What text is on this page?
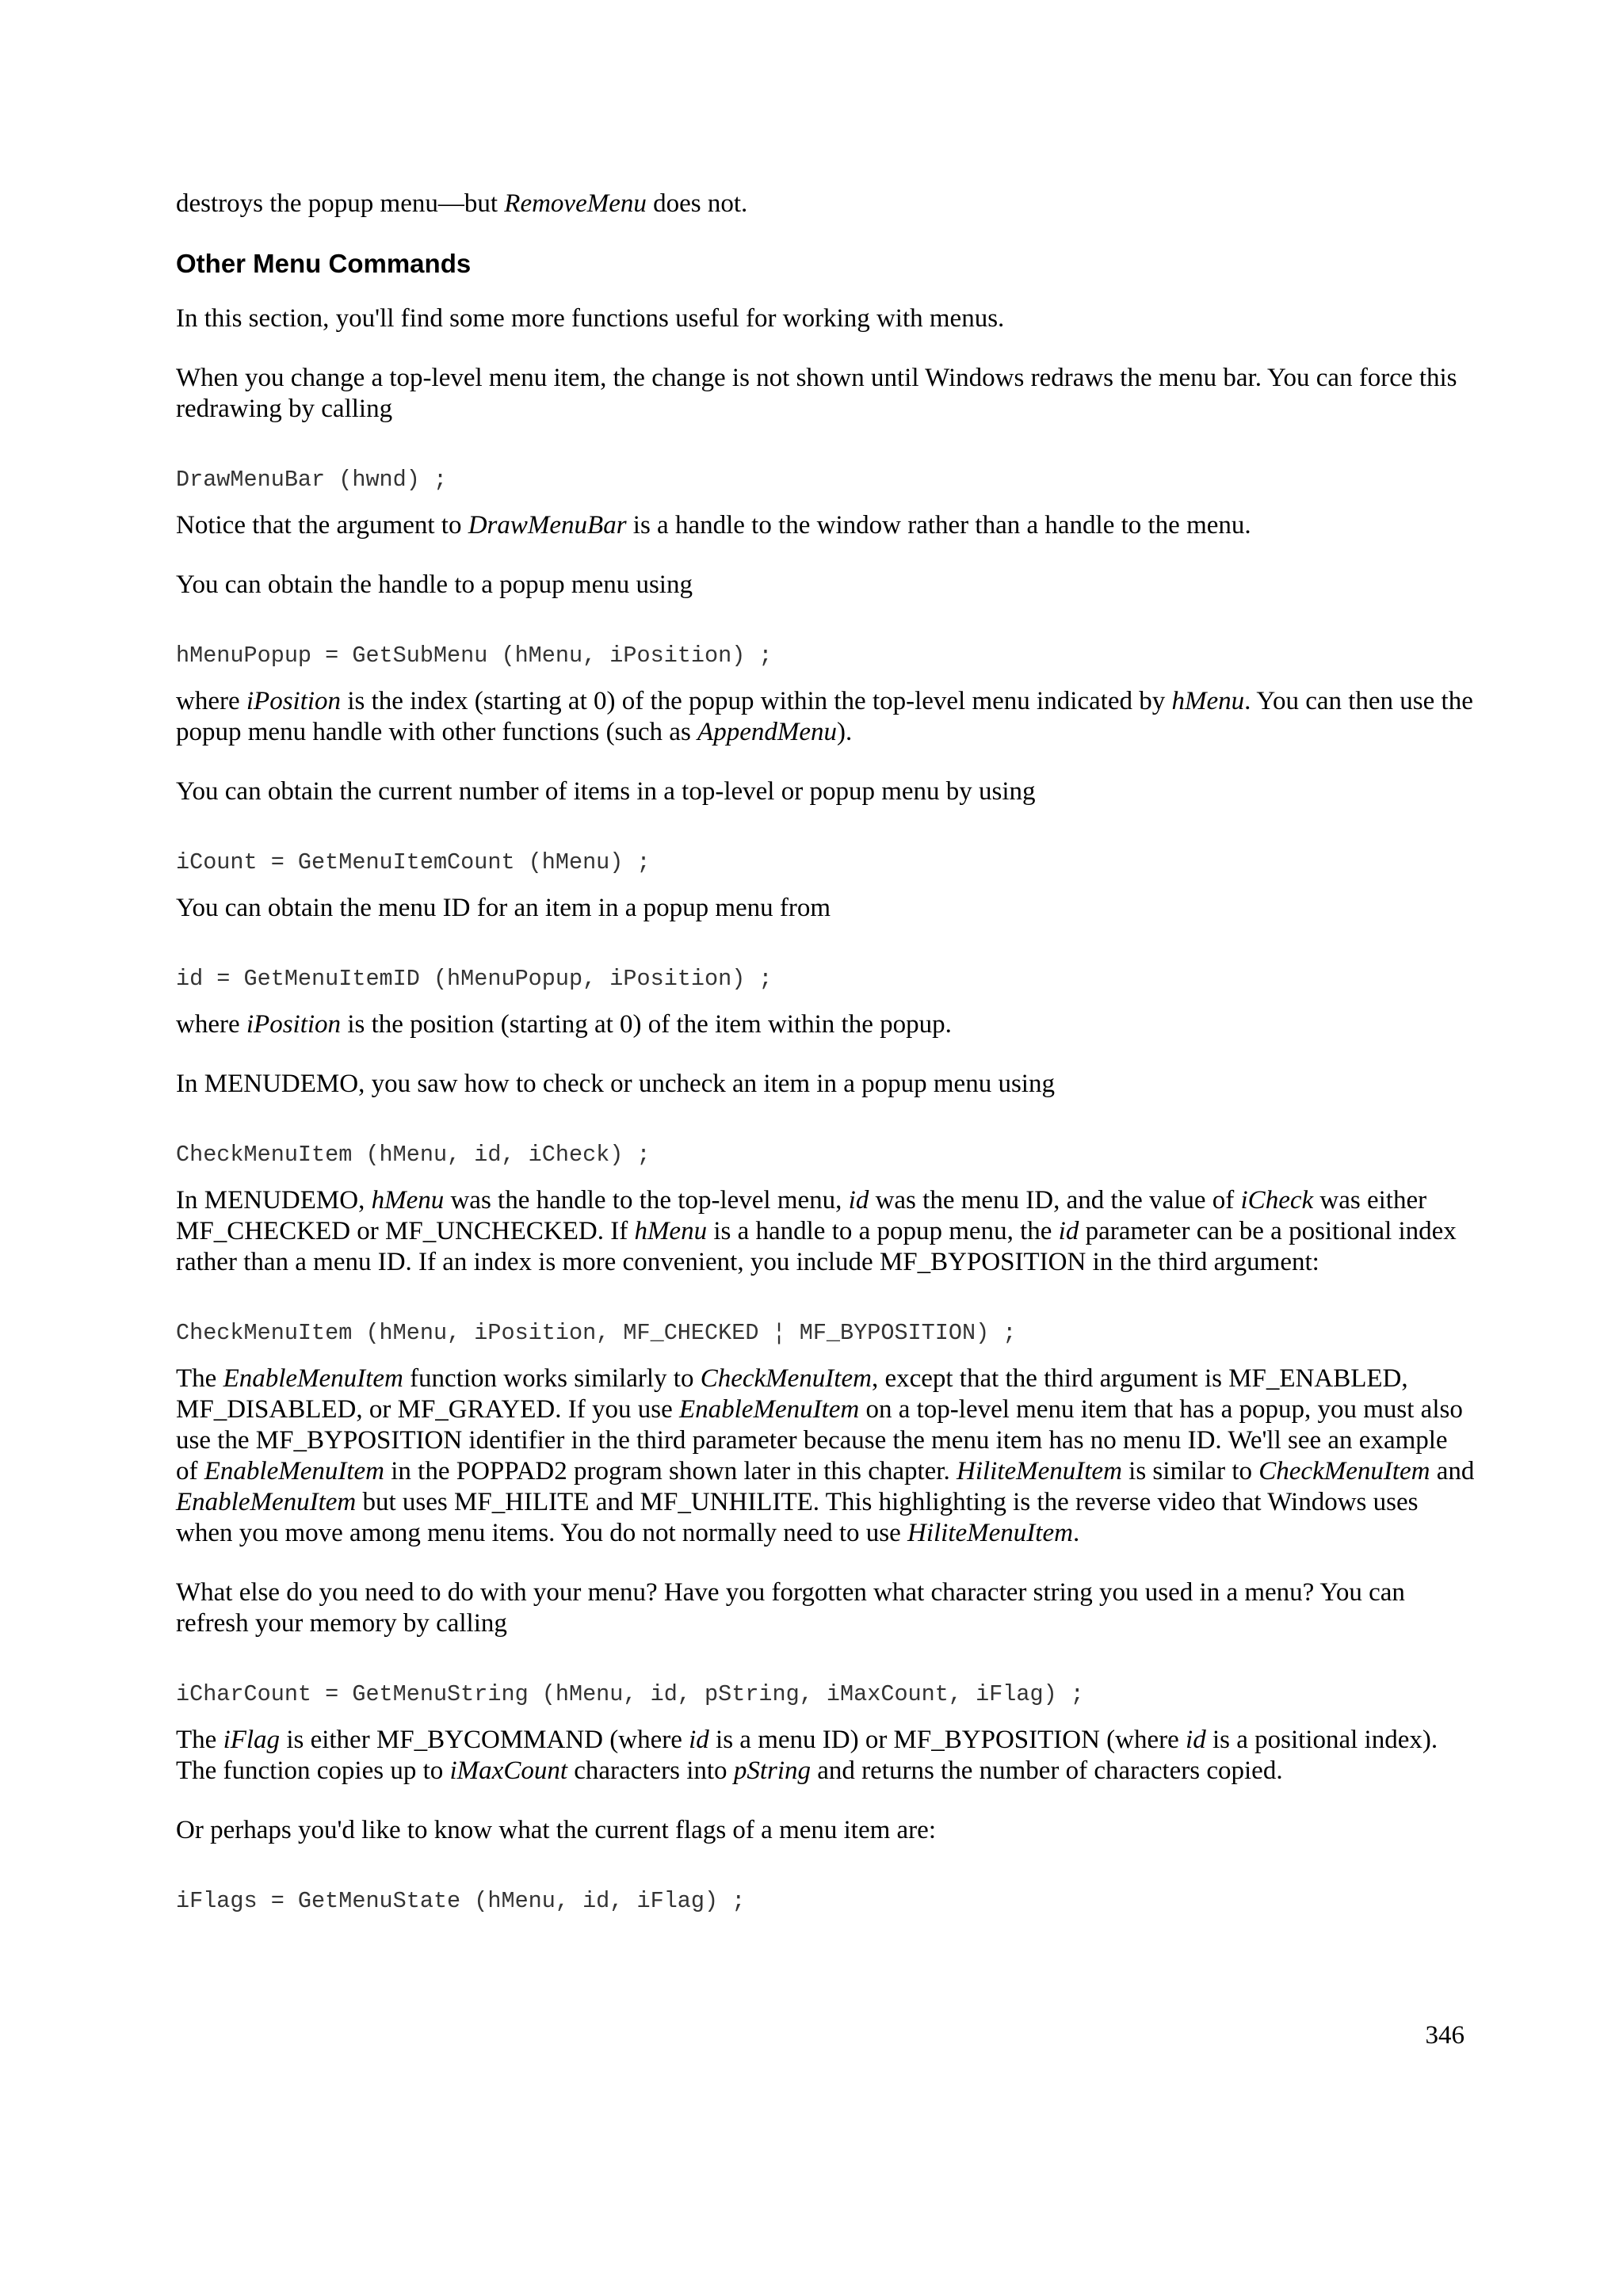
destroys the popup menu—but RemoveMenu does not.

Other Menu Commands

In this section, you'll find some more functions useful for working with menus.

When you change a top-level menu item, the change is not shown until Windows redraws the menu bar. You can force this redrawing by calling

DrawMenuBar (hwnd) ;

Notice that the argument to DrawMenuBar is a handle to the window rather than a handle to the menu.

You can obtain the handle to a popup menu using

hMenuPopup = GetSubMenu (hMenu, iPosition) ;

where iPosition is the index (starting at 0) of the popup within the top-level menu indicated by hMenu. You can then use the popup menu handle with other functions (such as AppendMenu).

You can obtain the current number of items in a top-level or popup menu by using

iCount = GetMenuItemCount (hMenu) ;

You can obtain the menu ID for an item in a popup menu from

id = GetMenuItemID (hMenuPopup, iPosition) ;

where iPosition is the position (starting at 0) of the item within the popup.

In MENUDEMO, you saw how to check or uncheck an item in a popup menu using

CheckMenuItem (hMenu, id, iCheck) ;

In MENUDEMO, hMenu was the handle to the top-level menu, id was the menu ID, and the value of iCheck was either MF_CHECKED or MF_UNCHECKED. If hMenu is a handle to a popup menu, the id parameter can be a positional index rather than a menu ID. If an index is more convenient, you include MF_BYPOSITION in the third argument:

CheckMenuItem (hMenu, iPosition, MF_CHECKED ¦ MF_BYPOSITION) ;

The EnableMenuItem function works similarly to CheckMenuItem, except that the third argument is MF_ENABLED, MF_DISABLED, or MF_GRAYED. If you use EnableMenuItem on a top-level menu item that has a popup, you must also use the MF_BYPOSITION identifier in the third parameter because the menu item has no menu ID. We'll see an example of EnableMenuItem in the POPPAD2 program shown later in this chapter. HiliteMenuItem is similar to CheckMenuItem and EnableMenuItem but uses MF_HILITE and MF_UNHILITE. This highlighting is the reverse video that Windows uses when you move among menu items. You do not normally need to use HiliteMenuItem.

What else do you need to do with your menu? Have you forgotten what character string you used in a menu? You can refresh your memory by calling

iCharCount = GetMenuString (hMenu, id, pString, iMaxCount, iFlag) ;

The iFlag is either MF_BYCOMMAND (where id is a menu ID) or MF_BYPOSITION (where id is a positional index). The function copies up to iMaxCount characters into pString and returns the number of characters copied.

Or perhaps you'd like to know what the current flags of a menu item are:

iFlags = GetMenuState (hMenu, id, iFlag) ;
346
